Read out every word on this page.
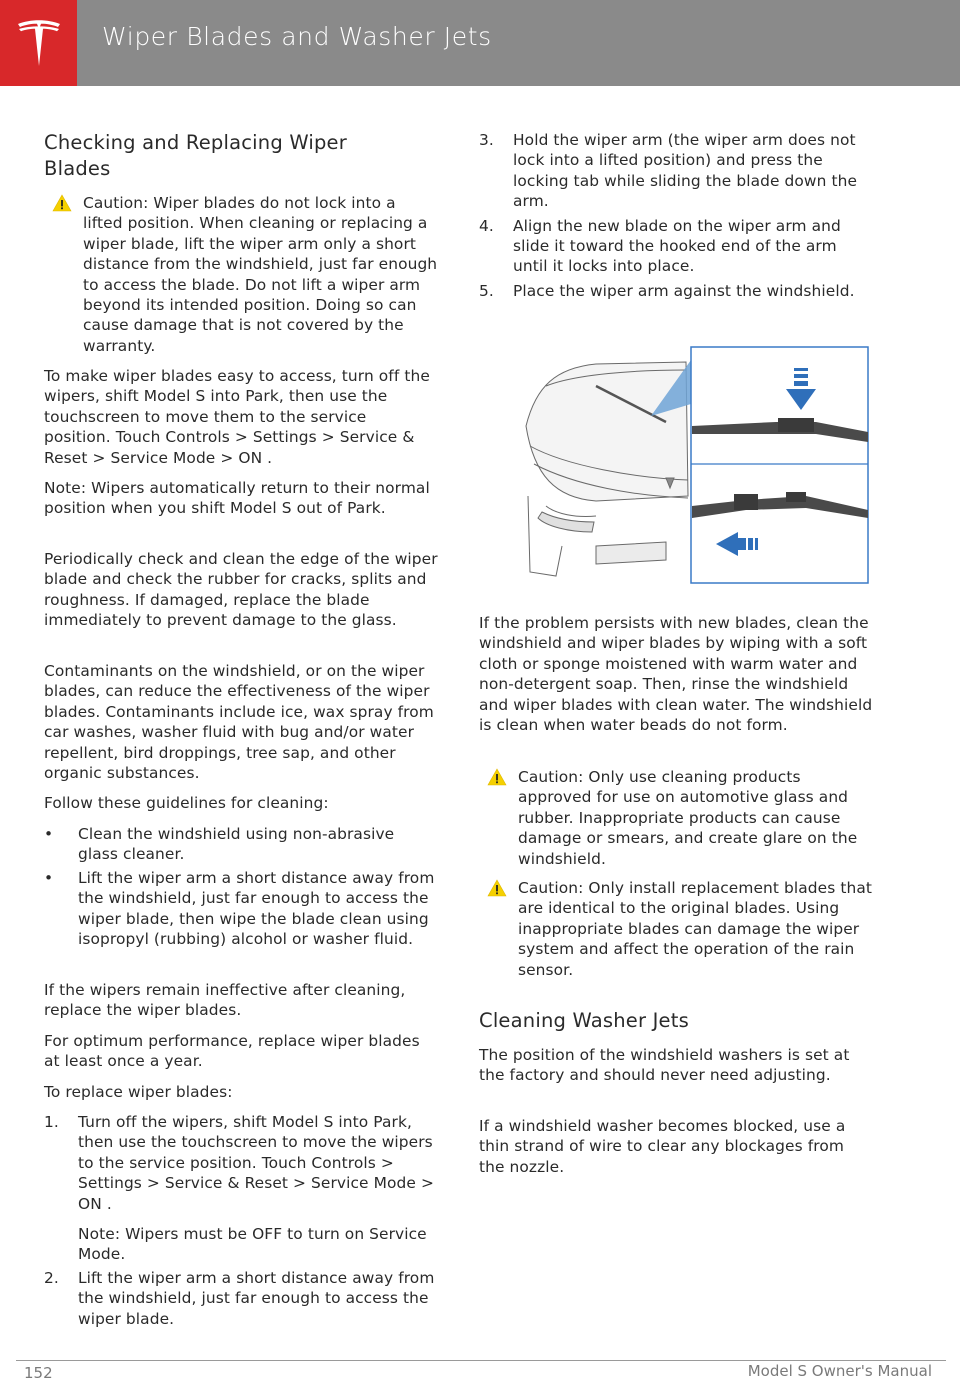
Wiper Blades and Washer Jets
Checking and Replacing Wiper Blades

Caution: Wiper blades do not lock into a lifted position. When cleaning or replacing a wiper blade, lift the wiper arm only a short distance from the windshield, just far enough to access the blade. Do not lift a wiper arm beyond its intended position. Doing so can cause damage that is not covered by the warranty.

To make wiper blades easy to access, turn off the wipers, shift Model S into Park, then use the touchscreen to move them to the service position. Touch Controls > Settings > Service & Reset > Service Mode > ON .

Note: Wipers automatically return to their normal position when you shift Model S out of Park.

Periodically check and clean the edge of the wiper blade and check the rubber for cracks, splits and roughness. If damaged, replace the blade immediately to prevent damage to the glass.

Contaminants on the windshield, or on the wiper blades, can reduce the effectiveness of the wiper blades. Contaminants include ice, wax spray from car washes, washer fluid with bug and/or water repellent, bird droppings, tree sap, and other organic substances.

Follow these guidelines for cleaning:

• Clean the windshield using non-abrasive glass cleaner.
• Lift the wiper arm a short distance away from the windshield, just far enough to access the wiper blade, then wipe the blade clean using isopropyl (rubbing) alcohol or washer fluid.

If the wipers remain ineffective after cleaning, replace the wiper blades.

For optimum performance, replace wiper blades at least once a year.

To replace wiper blades:

1. Turn off the wipers, shift Model S into Park, then use the touchscreen to move the wipers to the service position. Touch Controls > Settings > Service & Reset > Service Mode > ON .

Note: Wipers must be OFF to turn on Service Mode.

2. Lift the wiper arm a short distance away from the windshield, just far enough to access the wiper blade.
3. Hold the wiper arm (the wiper arm does not lock into a lifted position) and press the locking tab while sliding the blade down the arm.
4. Align the new blade on the wiper arm and slide it toward the hooked end of the arm until it locks into place.
5. Place the wiper arm against the windshield.

If the problem persists with new blades, clean the windshield and wiper blades by wiping with a soft cloth or sponge moistened with warm water and non-detergent soap. Then, rinse the windshield and wiper blades with clean water. The windshield is clean when water beads do not form.

Caution: Only use cleaning products approved for use on automotive glass and rubber. Inappropriate products can cause damage or smears, and create glare on the windshield.

Caution: Only install replacement blades that are identical to the original blades. Using inappropriate blades can damage the wiper system and affect the operation of the rain sensor.

Cleaning Washer Jets

The position of the windshield washers is set at the factory and should never need adjusting.

If a windshield washer becomes blocked, use a thin strand of wire to clear any blockages from the nozzle.

152	Model S Owner's Manual
